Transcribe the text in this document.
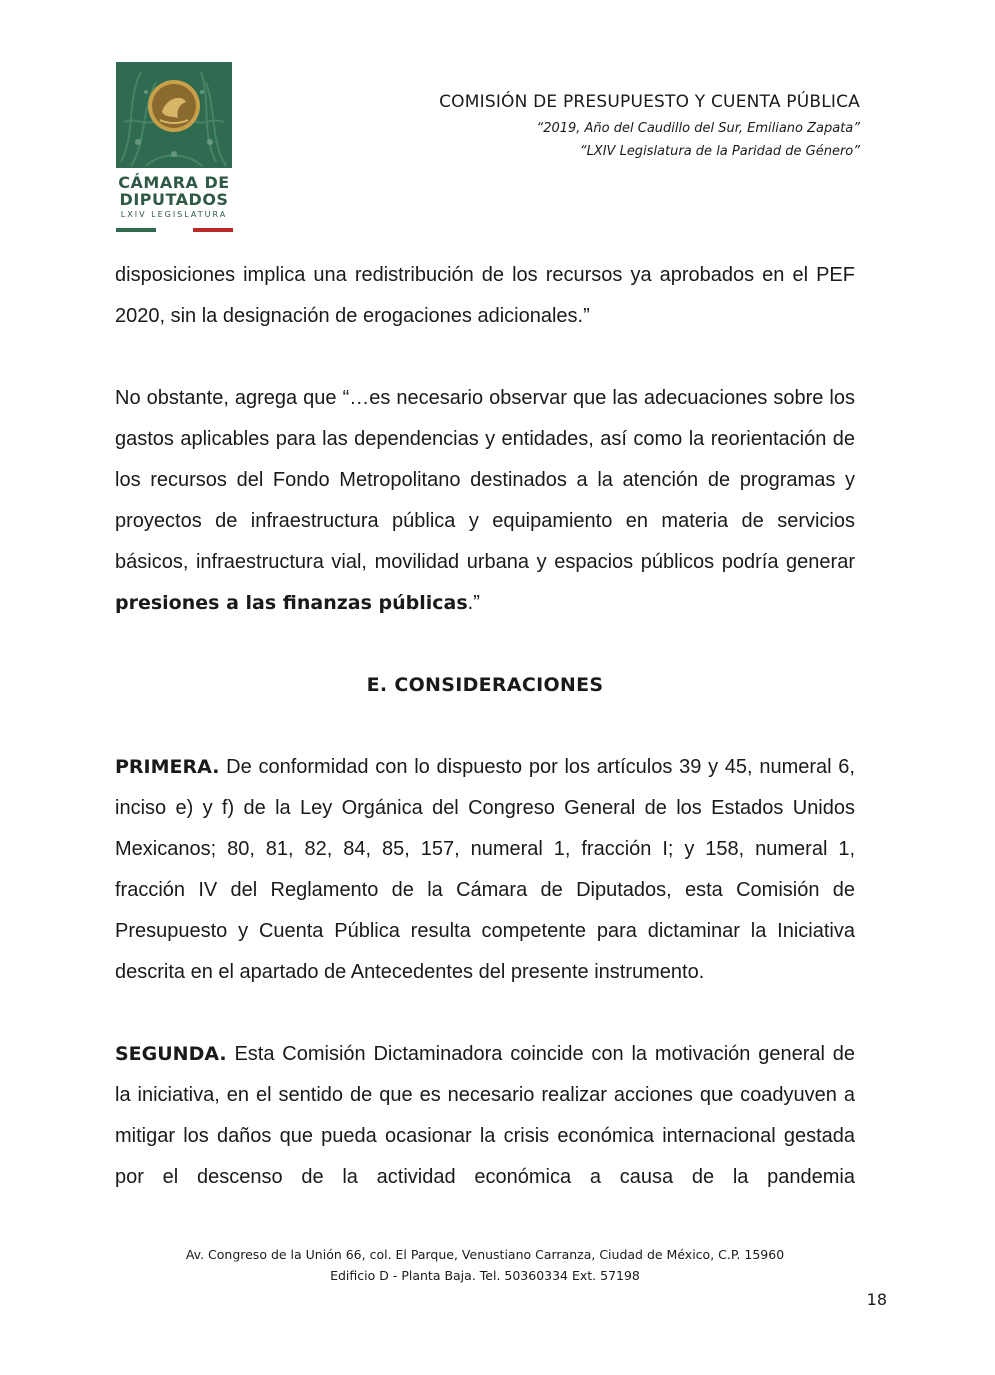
CÁMARA DE
DIPUTADOS
LXIV LEGISLATURA
COMISIÓN DE PRESUPUESTO Y CUENTA PÚBLICA
“2019, Año del Caudillo del Sur, Emiliano Zapata”
“LXIV Legislatura de la Paridad de Género”

disposiciones implica una redistribución de los recursos ya aprobados en el PEF 2020, sin la designación de erogaciones adicionales.”

No obstante, agrega que “…es necesario observar que las adecuaciones sobre los gastos aplicables para las dependencias y entidades, así como la reorientación de los recursos del Fondo Metropolitano destinados a la atención de programas y proyectos de infraestructura pública y equipamiento en materia de servicios básicos, infraestructura vial, movilidad urbana y espacios públicos podría generar presiones a las finanzas públicas.”

E. CONSIDERACIONES

PRIMERA. De conformidad con lo dispuesto por los artículos 39 y 45, numeral 6, inciso e) y f) de la Ley Orgánica del Congreso General de los Estados Unidos Mexicanos; 80, 81, 82, 84, 85, 157, numeral 1, fracción I; y 158, numeral 1, fracción IV del Reglamento de la Cámara de Diputados, esta Comisión de Presupuesto y Cuenta Pública resulta competente para dictaminar la Iniciativa descrita en el apartado de Antecedentes del presente instrumento.

SEGUNDA. Esta Comisión Dictaminadora coincide con la motivación general de la iniciativa, en el sentido de que es necesario realizar acciones que coadyuven a mitigar los daños que pueda ocasionar la crisis económica internacional gestada por el descenso de la actividad económica a causa de la pandemia

Av. Congreso de la Unión 66, col. El Parque, Venustiano Carranza, Ciudad de México, C.P. 15960
Edificio D - Planta Baja. Tel. 50360334 Ext. 57198
18
